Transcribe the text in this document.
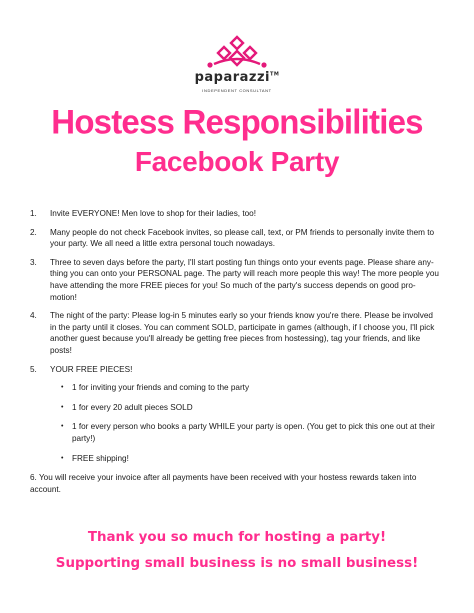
paparazzi™
INDEPENDENT CONSULTANT
Hostess Responsibilities
Facebook Party
1. Invite EVERYONE! Men love to shop for their ladies, too!
2. Many people do not check Facebook invites, so please call, text, or PM friends to personally invite them to your party. We all need a little extra personal touch nowadays.
3. Three to seven days before the party, I'll start posting fun things onto your events page. Please share any-thing you can onto your PERSONAL page. The party will reach more people this way! The more people you have attending the more FREE pieces for you! So much of the party's success depends on good pro-motion!
4. The night of the party: Please log-in 5 minutes early so your friends know you're there. Please be involved in the party until it closes. You can comment SOLD, participate in games (although, if I choose you, I'll pick another guest because you'll already be getting free pieces from hostessing), tag your friends, and like posts!
5. YOUR FREE PIECES!
• 1 for inviting your friends and coming to the party
• 1 for every 20 adult pieces SOLD
• 1 for every person who books a party WHILE your party is open. (You get to pick this one out at their party!)
• FREE shipping!
6. You will receive your invoice after all payments have been received with your hostess rewards taken into account.
Thank you so much for hosting a party!
Supporting small business is no small business!
